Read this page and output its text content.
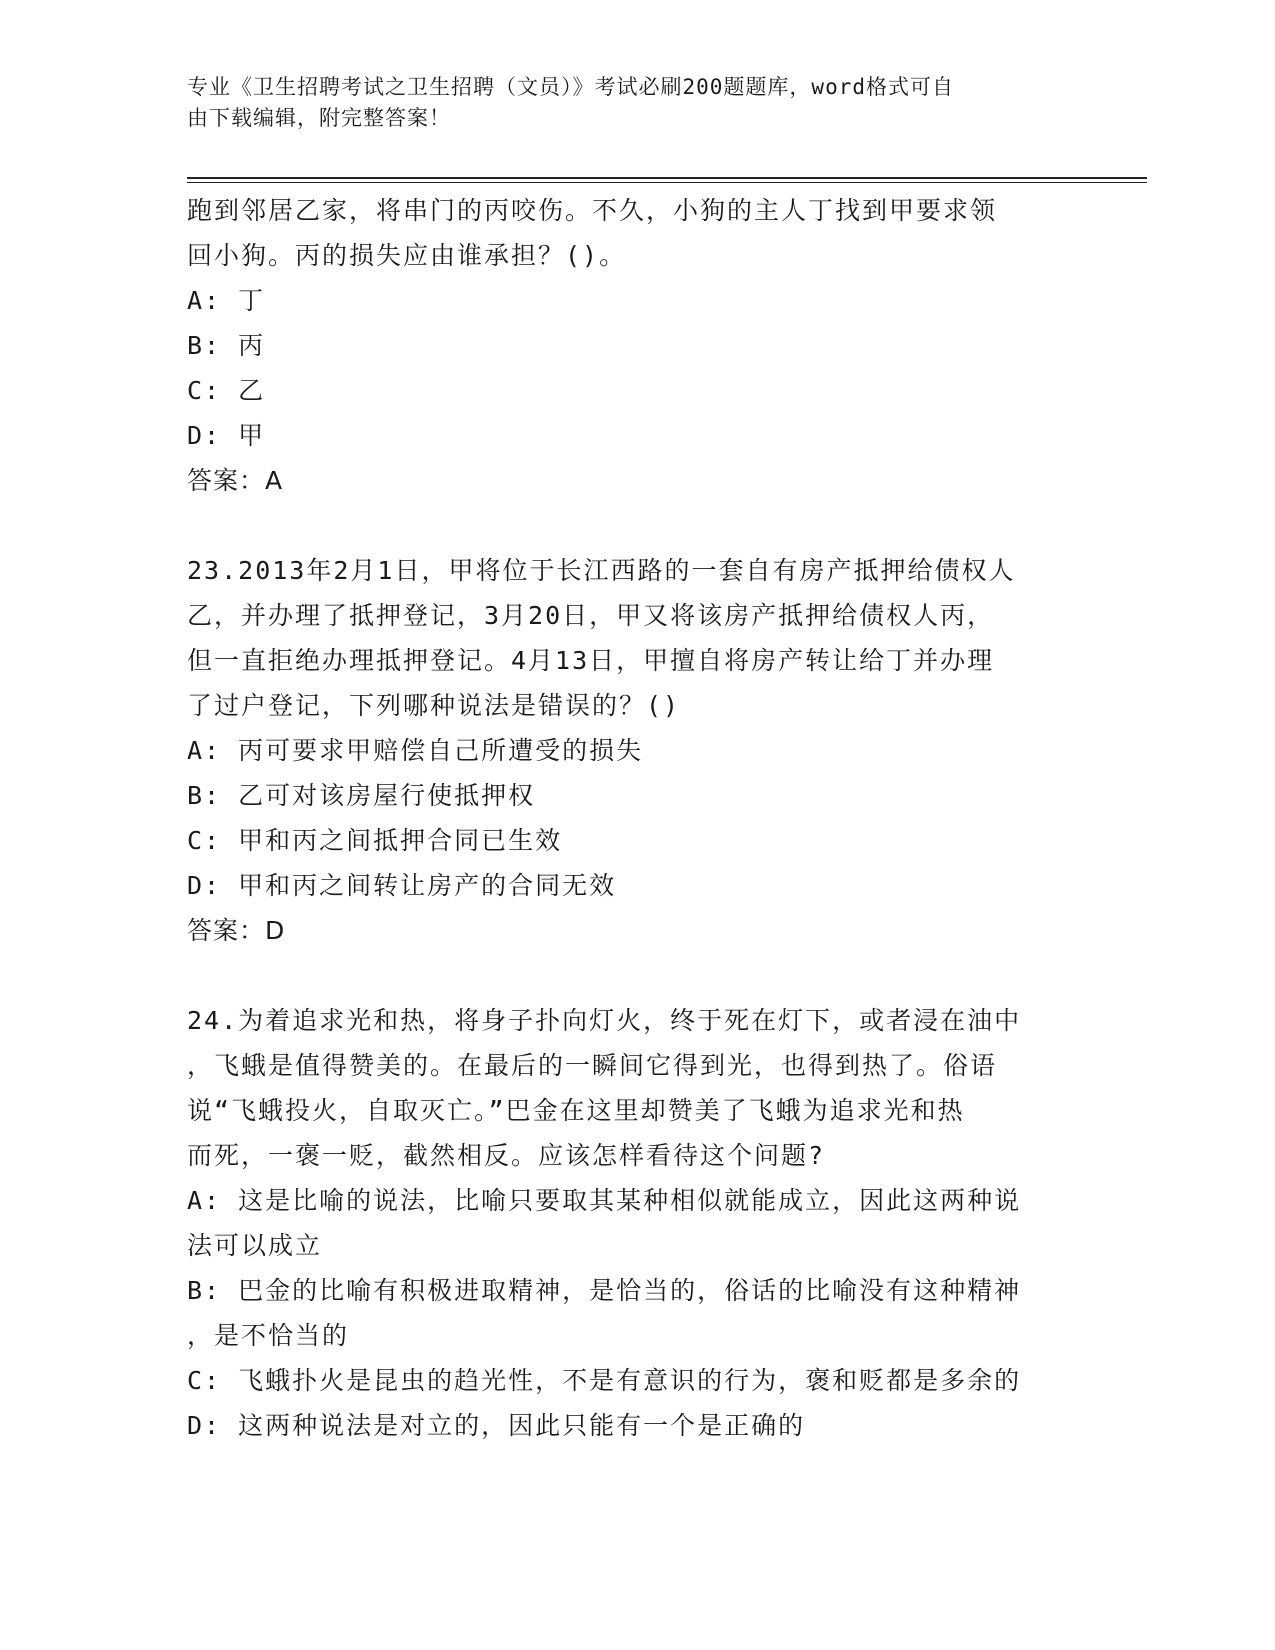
专业《卫生招聘考试之卫生招聘（文员）》考试必刷200题题库，word格式可自
由下载编辑，附完整答案！
跑到邻居乙家，将串门的丙咬伤。不久，小狗的主人丁找到甲要求领
回小狗。丙的损失应由谁承担？()。
A: 丁
B: 丙
C: 乙
D: 甲
答案：A
23.2013年2月1日，甲将位于长江西路的一套自有房产抵押给债权人
乙，并办理了抵押登记，3月20日，甲又将该房产抵押给债权人丙，
但一直拒绝办理抵押登记。4月13日，甲擅自将房产转让给丁并办理
了过户登记，下列哪种说法是错误的？()
A: 丙可要求甲赔偿自己所遭受的损失
B: 乙可对该房屋行使抵押权
C: 甲和丙之间抵押合同已生效
D: 甲和丙之间转让房产的合同无效
答案：D
24.为着追求光和热，将身子扑向灯火，终于死在灯下，或者浸在油中
，飞蛾是值得赞美的。在最后的一瞬间它得到光，也得到热了。俗语
说“飞蛾投火，自取灭亡。”巴金在这里却赞美了飞蛾为追求光和热
而死，一褒一贬，截然相反。应该怎样看待这个问题?
A: 这是比喻的说法，比喻只要取其某种相似就能成立，因此这两种说
法可以成立
B: 巴金的比喻有积极进取精神，是恰当的，俗话的比喻没有这种精神
，是不恰当的
C: 飞蛾扑火是昆虫的趋光性，不是有意识的行为，褒和贬都是多余的
D: 这两种说法是对立的，因此只能有一个是正确的
